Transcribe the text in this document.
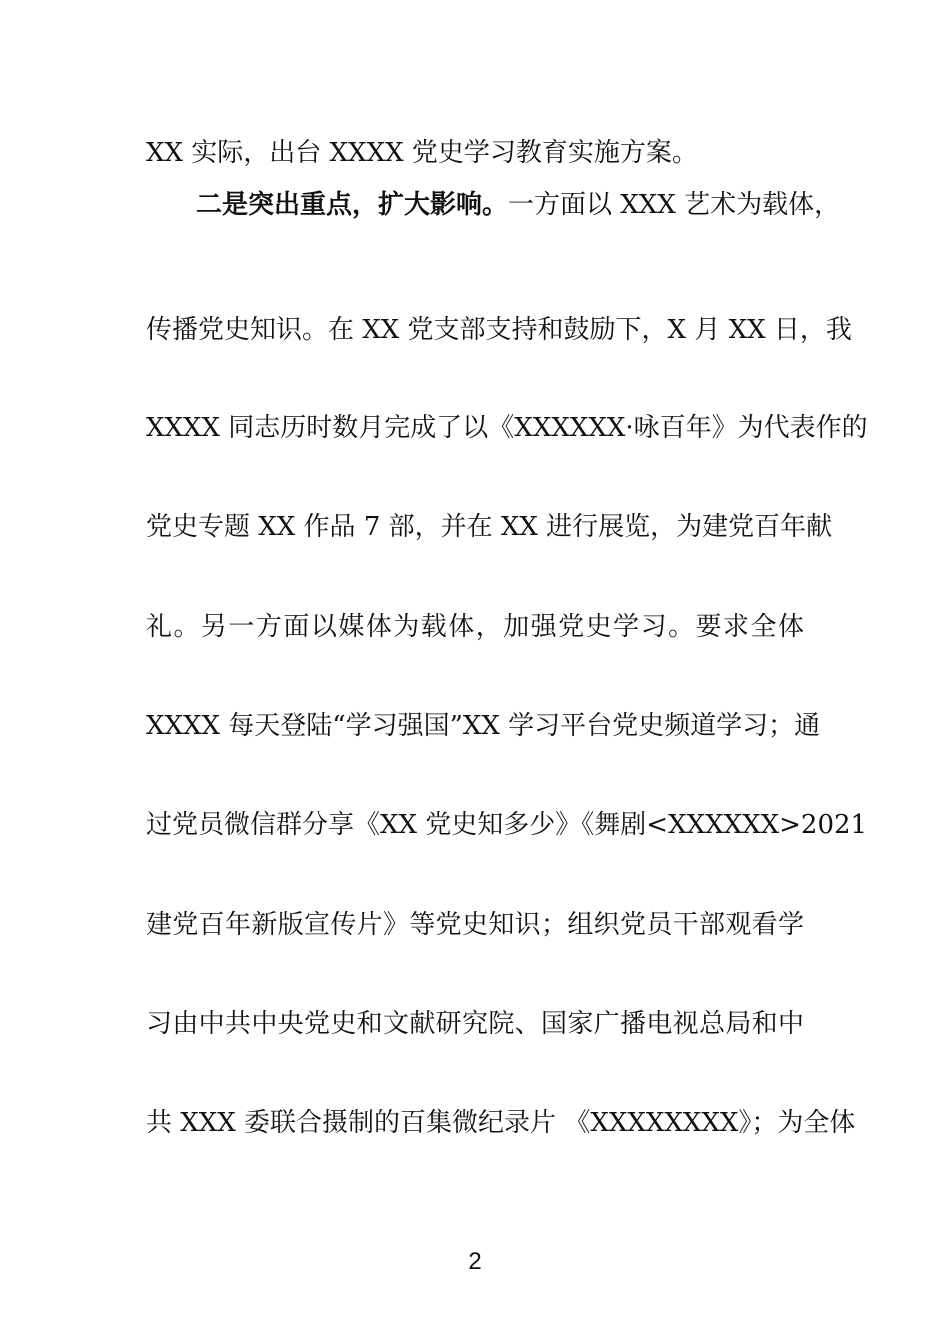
XX 实际，出台 XXXX 党史学习教育实施方案。
二是突出重点，扩大影响。一方面以 XXX 艺术为载体，
传播党史知识。在 XX 党支部支持和鼓励下，X 月 XX 日，我
XXXX 同志历时数月完成了以《XXXXXX·咏百年》为代表作的
党史专题 XX 作品 7 部，并在 XX 进行展览，为建党百年献
礼。另一方面以媒体为载体，加强党史学习。要求全体
XXXX 每天登陆“学习强国”XX 学习平台党史频道学习；通
过党员微信群分享《XX 党史知多少》《舞剧<XXXXXX>2021
建党百年新版宣传片》等党史知识；组织党员干部观看学
习由中共中央党史和文献研究院、国家广播电视总局和中
共 XXX 委联合摄制的百集微纪录片 《XXXXXXXX》；为全体
2
